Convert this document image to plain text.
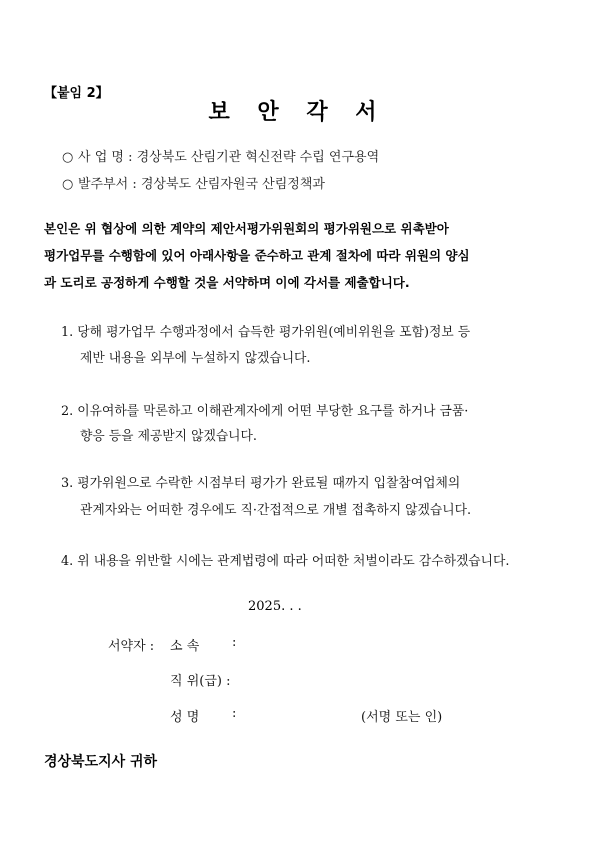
【붙임 2】
보 안 각 서
○ 사 업 명 : 경상북도 산림기관 혁신전략 수립 연구용역
○ 발주부서 : 경상북도 산림자원국 산림정책과
본인은 위 협상에 의한 계약의 제안서평가위원회의 평가위원으로 위촉받아
평가업무를 수행함에 있어 아래사항을 준수하고 관계 절차에 따라 위원의 양심
과 도리로 공정하게 수행할 것을 서약하며 이에 각서를 제출합니다.
1. 당해 평가업무 수행과정에서 습득한 평가위원(예비위원을 포함)정보 등
제반 내용을 외부에 누설하지 않겠습니다.
2. 이유여하를 막론하고 이해관계자에게 어떤 부당한 요구를 하거나 금품·
향응 등을 제공받지 않겠습니다.
3. 평가위원으로 수락한 시점부터 평가가 완료될 때까지 입찰참여업체의
관계자와는 어떠한 경우에도 직·간접적으로 개별 접촉하지 않겠습니다.
4. 위 내용을 위반할 시에는 관계법령에 따라 어떠한 처벌이라도 감수하겠습니다.
2025. . .
서약자 : 소 속	:
직 위(급) :
성 명	:	(서명 또는 인)
경상북도지사 귀하
